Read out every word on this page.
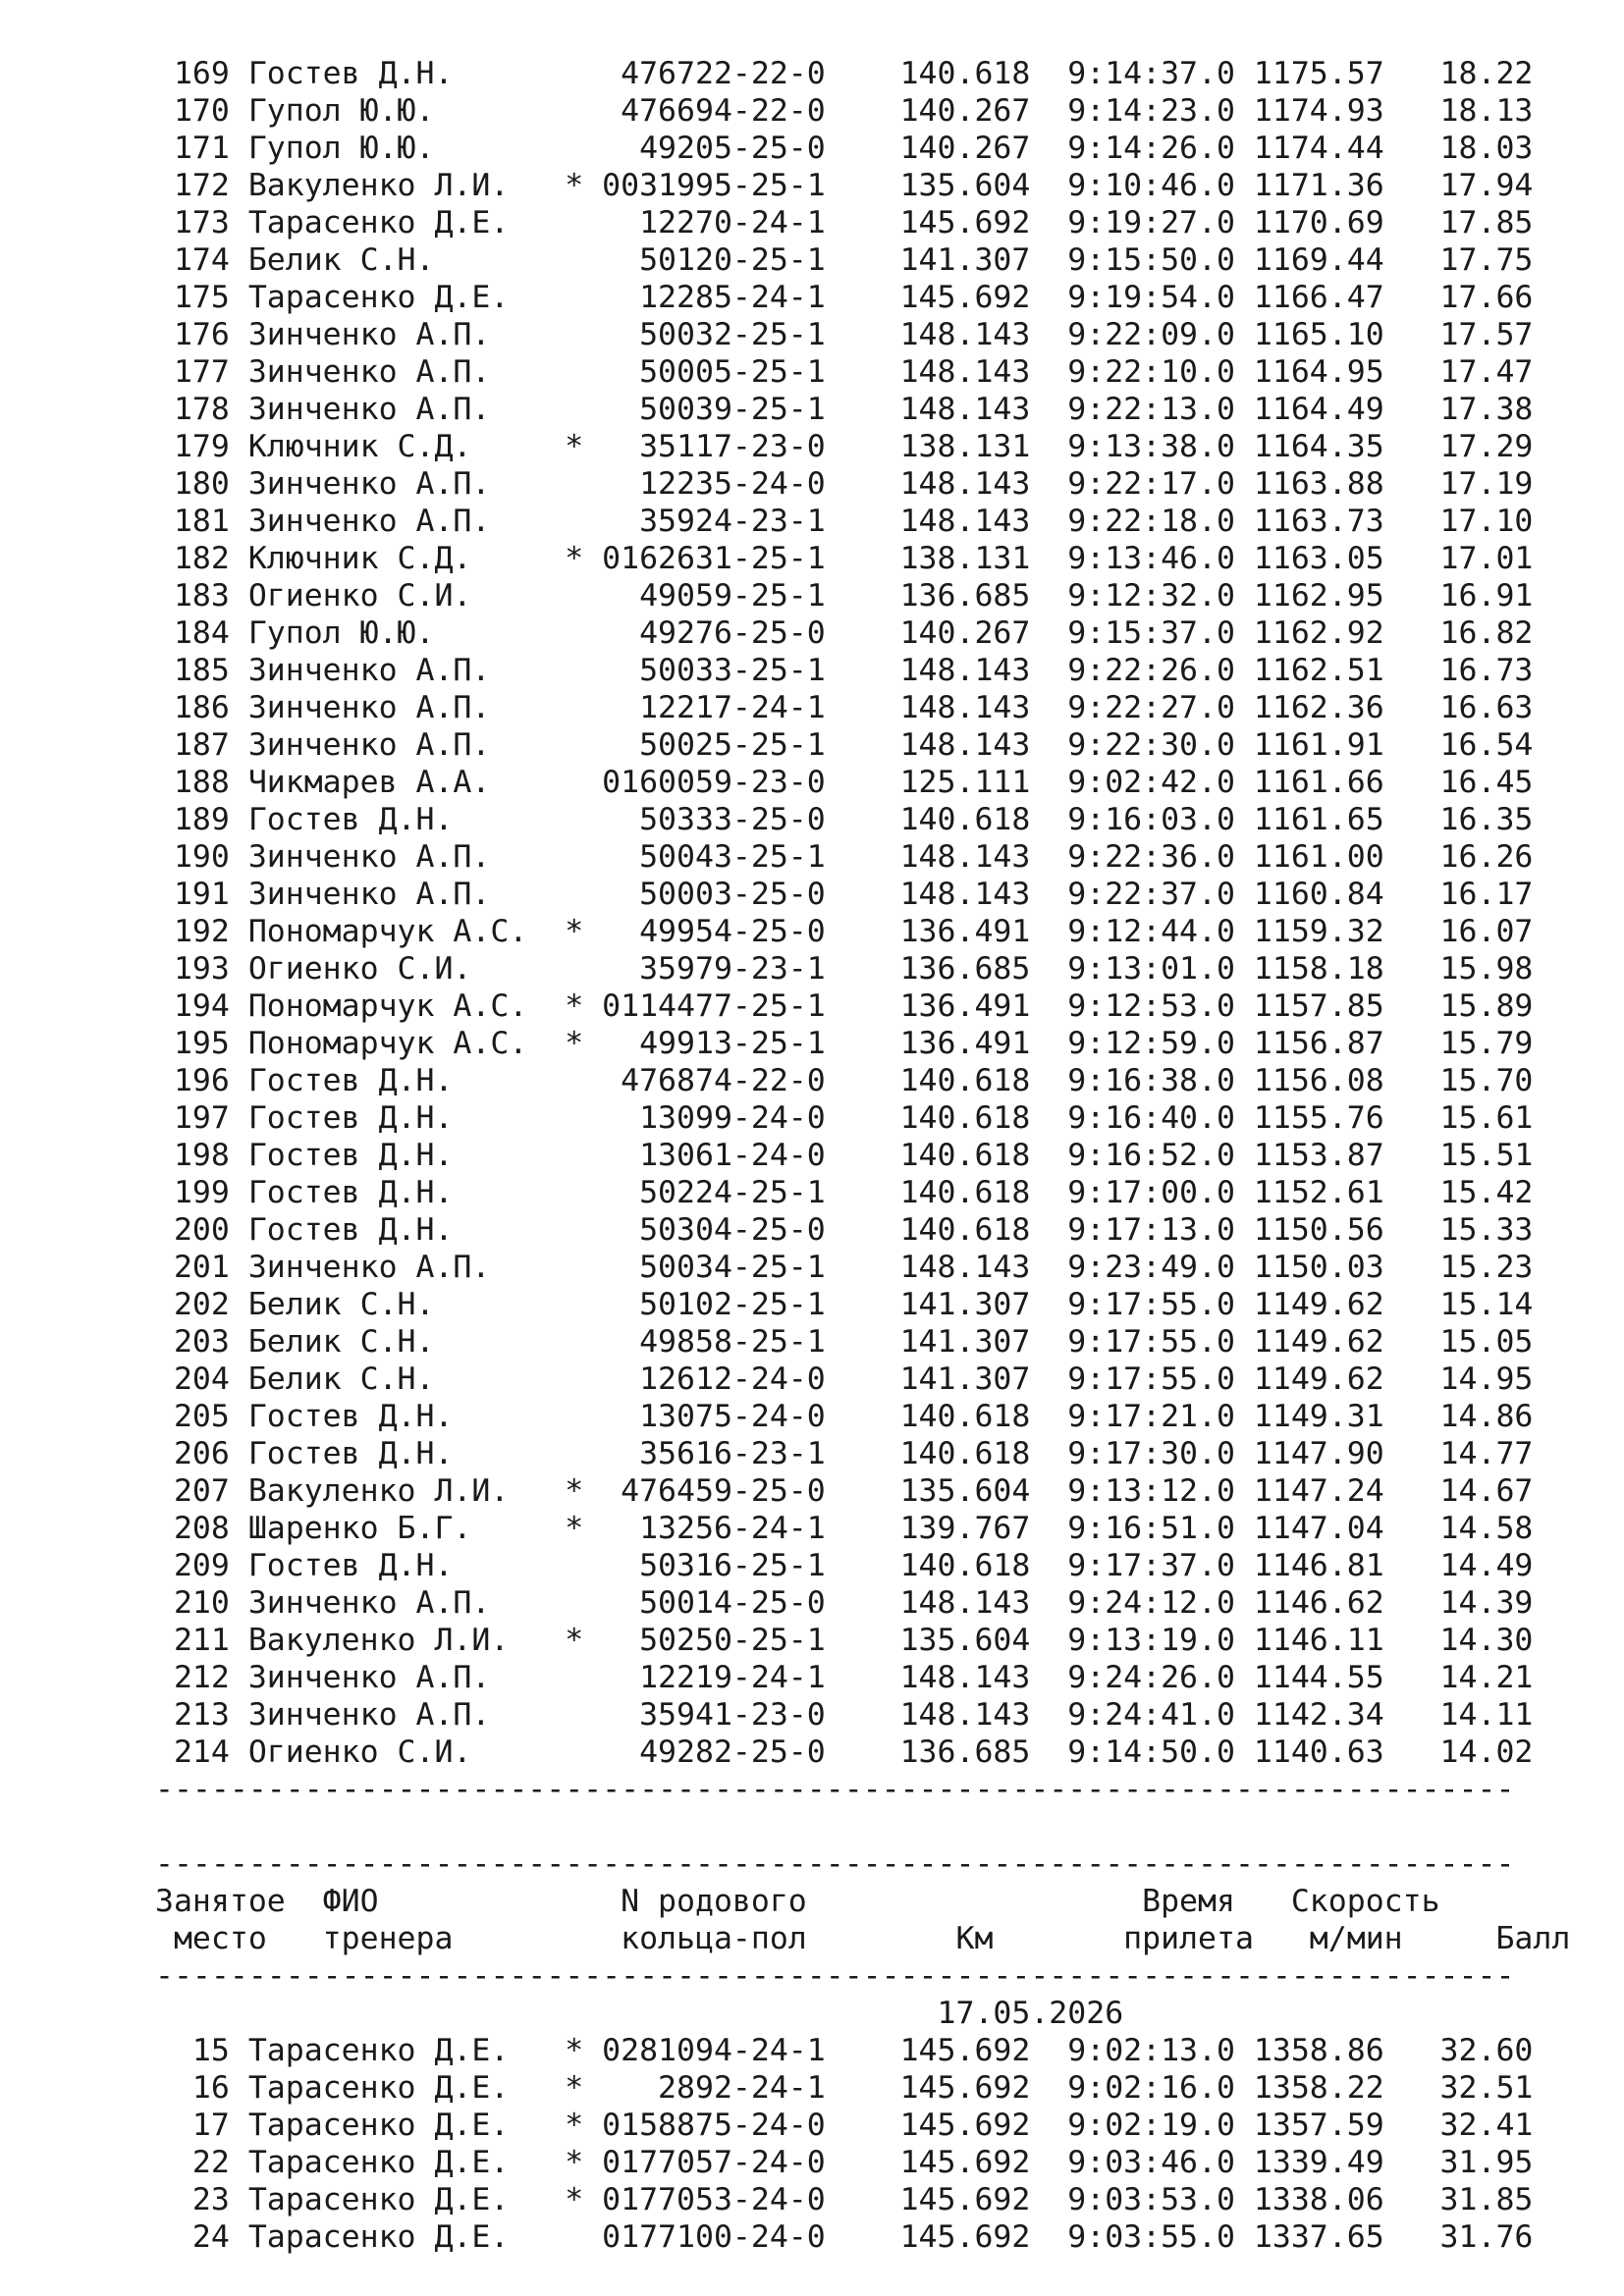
169 Гостев Д.Н.         476722-22-0    140.618  9:14:37.0 1175.57   18.22
170 Гупол Ю.Ю.          476694-22-0    140.267  9:14:23.0 1174.93   18.13
171 Гупол Ю.Ю.           49205-25-0    140.267  9:14:26.0 1174.44   18.03
172 Вакуленко Л.И.   * 0031995-25-1    135.604  9:10:46.0 1171.36   17.94
173 Тарасенко Д.Е.       12270-24-1    145.692  9:19:27.0 1170.69   17.85
174 Белик С.Н.           50120-25-1    141.307  9:15:50.0 1169.44   17.75
175 Тарасенко Д.Е.       12285-24-1    145.692  9:19:54.0 1166.47   17.66
176 Зинченко А.П.        50032-25-1    148.143  9:22:09.0 1165.10   17.57
177 Зинченко А.П.        50005-25-1    148.143  9:22:10.0 1164.95   17.47
178 Зинченко А.П.        50039-25-1    148.143  9:22:13.0 1164.49   17.38
179 Ключник С.Д.     *   35117-23-0    138.131  9:13:38.0 1164.35   17.29
180 Зинченко А.П.        12235-24-0    148.143  9:22:17.0 1163.88   17.19
181 Зинченко А.П.        35924-23-1    148.143  9:22:18.0 1163.73   17.10
182 Ключник С.Д.     * 0162631-25-1    138.131  9:13:46.0 1163.05   17.01
183 Огиенко С.И.         49059-25-1    136.685  9:12:32.0 1162.95   16.91
184 Гупол Ю.Ю.           49276-25-0    140.267  9:15:37.0 1162.92   16.82
185 Зинченко А.П.        50033-25-1    148.143  9:22:26.0 1162.51   16.73
186 Зинченко А.П.        12217-24-1    148.143  9:22:27.0 1162.36   16.63
187 Зинченко А.П.        50025-25-1    148.143  9:22:30.0 1161.91   16.54
188 Чикмарев А.А.      0160059-23-0    125.111  9:02:42.0 1161.66   16.45
189 Гостев Д.Н.          50333-25-0    140.618  9:16:03.0 1161.65   16.35
190 Зинченко А.П.        50043-25-1    148.143  9:22:36.0 1161.00   16.26
191 Зинченко А.П.        50003-25-0    148.143  9:22:37.0 1160.84   16.17
192 Пономарчук А.С.  *   49954-25-0    136.491  9:12:44.0 1159.32   16.07
193 Огиенко С.И.         35979-23-1    136.685  9:13:01.0 1158.18   15.98
194 Пономарчук А.С.  * 0114477-25-1    136.491  9:12:53.0 1157.85   15.89
195 Пономарчук А.С.  *   49913-25-1    136.491  9:12:59.0 1156.87   15.79
196 Гостев Д.Н.         476874-22-0    140.618  9:16:38.0 1156.08   15.70
197 Гостев Д.Н.          13099-24-0    140.618  9:16:40.0 1155.76   15.61
198 Гостев Д.Н.          13061-24-0    140.618  9:16:52.0 1153.87   15.51
199 Гостев Д.Н.          50224-25-1    140.618  9:17:00.0 1152.61   15.42
200 Гостев Д.Н.          50304-25-0    140.618  9:17:13.0 1150.56   15.33
201 Зинченко А.П.        50034-25-1    148.143  9:23:49.0 1150.03   15.23
202 Белик С.Н.           50102-25-1    141.307  9:17:55.0 1149.62   15.14
203 Белик С.Н.           49858-25-1    141.307  9:17:55.0 1149.62   15.05
204 Белик С.Н.           12612-24-0    141.307  9:17:55.0 1149.62   14.95
205 Гостев Д.Н.          13075-24-0    140.618  9:17:21.0 1149.31   14.86
206 Гостев Д.Н.          35616-23-1    140.618  9:17:30.0 1147.90   14.77
207 Вакуленко Л.И.   *  476459-25-0    135.604  9:13:12.0 1147.24   14.67
208 Шаренко Б.Г.     *   13256-24-1    139.767  9:16:51.0 1147.04   14.58
209 Гостев Д.Н.          50316-25-1    140.618  9:17:37.0 1146.81   14.49
210 Зинченко А.П.        50014-25-0    148.143  9:24:12.0 1146.62   14.39
211 Вакуленко Л.И.   *   50250-25-1    135.604  9:13:19.0 1146.11   14.30
212 Зинченко А.П.        12219-24-1    148.143  9:24:26.0 1144.55   14.21
213 Зинченко А.П.        35941-23-0    148.143  9:24:41.0 1142.34   14.11
214 Огиенко С.И.         49282-25-0    136.685  9:14:50.0 1140.63   14.02
-------------------------------------------------------------------------
-------------------------------------------------------------------------
Занятое  ФИО             N родового                  Время   Скорость
место   тренера         кольца-пол        Км       прилета   м/мин     Балл
-------------------------------------------------------------------------
17.05.2026
15 Тарасенко Д.Е.   * 0281094-24-1    145.692  9:02:13.0 1358.86   32.60
16 Тарасенко Д.Е.   *    2892-24-1    145.692  9:02:16.0 1358.22   32.51
17 Тарасенко Д.Е.   * 0158875-24-0    145.692  9:02:19.0 1357.59   32.41
22 Тарасенко Д.Е.   * 0177057-24-0    145.692  9:03:46.0 1339.49   31.95
23 Тарасенко Д.Е.   * 0177053-24-0    145.692  9:03:53.0 1338.06   31.85
24 Тарасенко Д.Е.     0177100-24-0    145.692  9:03:55.0 1337.65   31.76
